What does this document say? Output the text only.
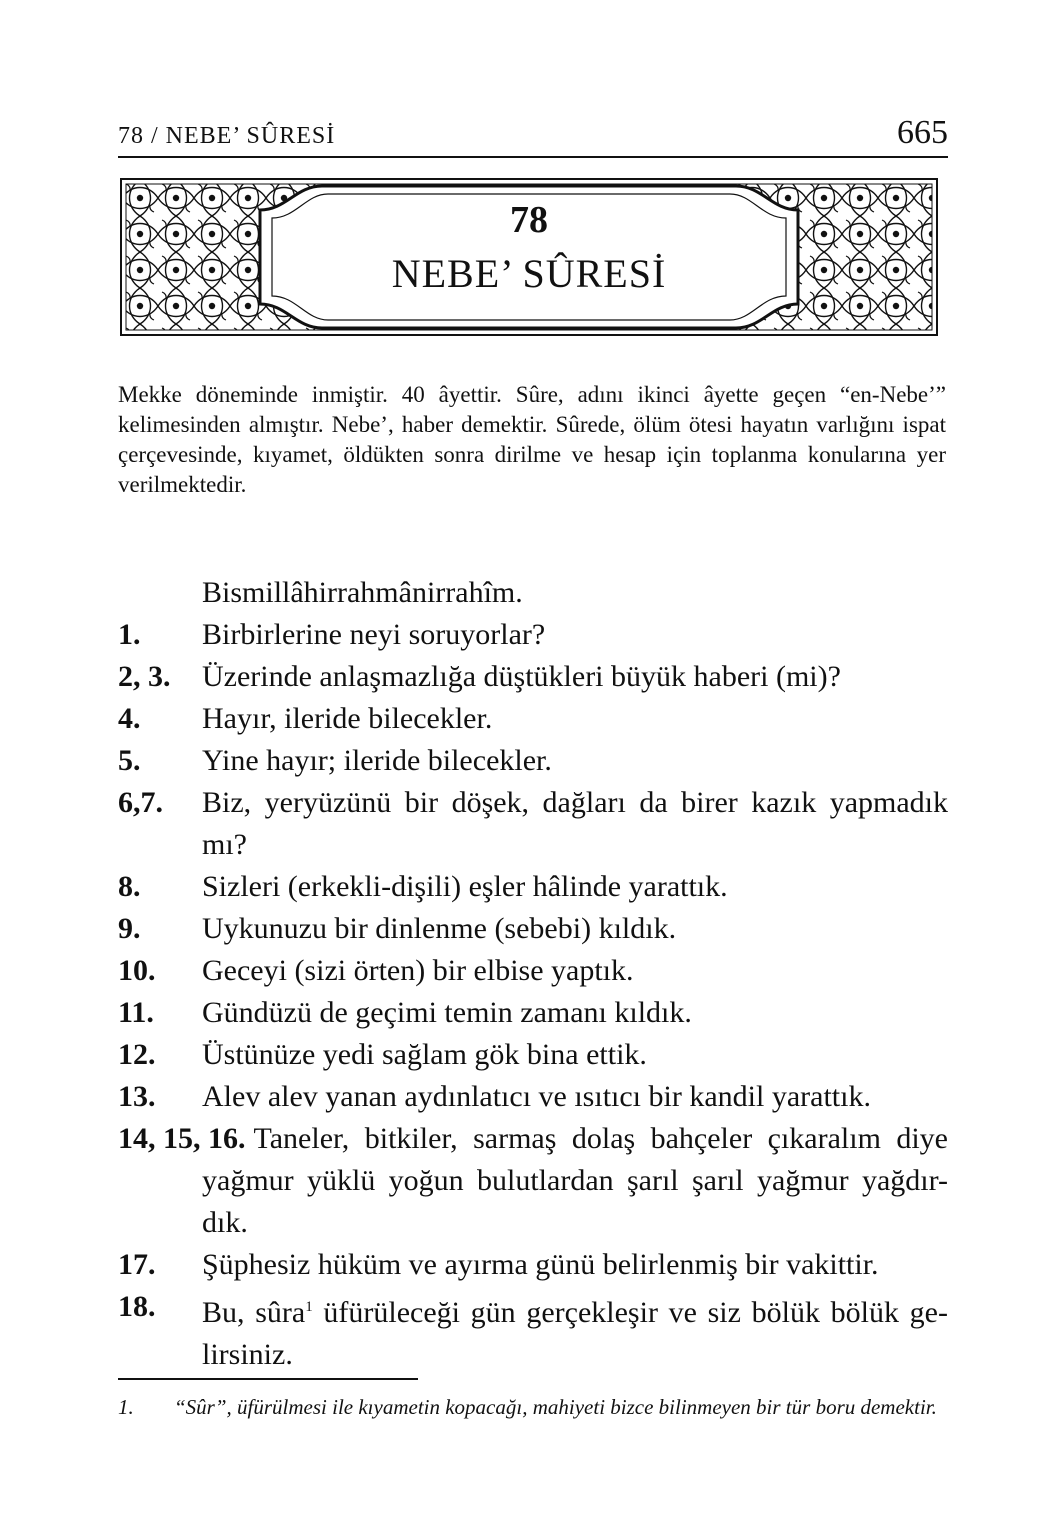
78 / NEBE’ SÛRESİ	665
78
NEBE’ SÛRESİ
Mekke döneminde inmiştir. 40 âyettir. Sûre, adını ikinci âyette geçen “en-Nebe’” kelimesinden almıştır. Nebe’, haber demektir. Sûrede, ölüm ötesi hayatın varlığını ispat çerçevesinde, kıyamet, öldükten sonra dirilme ve hesap için toplanma konularına yer verilmektedir.
Bismillâhirrahmânirrahîm.
1.	Birbirlerine neyi soruyorlar?
2, 3.	Üzerinde anlaşmazlığa düştükleri büyük haberi (mi)?
4.	Hayır, ileride bilecekler.
5.	Yine hayır; ileride bilecekler.
6,7.	Biz, yeryüzünü bir döşek, dağları da birer kazık yapmadık
mı?
8.	Sizleri (erkekli-dişili) eşler hâlinde yarattık.
9.	Uykunuzu bir dinlenme (sebebi) kıldık.
10.	Geceyi (sizi örten) bir elbise yaptık.
11.	Gündüzü de geçimi temin zamanı kıldık.
12.	Üstünüze yedi sağlam gök bina ettik.
13.	Alev alev yanan aydınlatıcı ve ısıtıcı bir kandil yarattık.
14, 15, 16. Taneler, bitkiler, sarmaş dolaş bahçeler çıkaralım diye
yağmur yüklü yoğun bulutlardan şarıl şarıl yağmur yağdır-
dık.
17.	Şüphesiz hüküm ve ayırma günü belirlenmiş bir vakittir.
18.	Bu, sûra$^1$ üfürüleceği gün gerçekleşir ve siz bölük bölük ge-
lirsiniz.
1.	“Sûr”, üfürülmesi ile kıyametin kopacağı, mahiyeti bizce bilinmeyen bir tür boru demektir.
